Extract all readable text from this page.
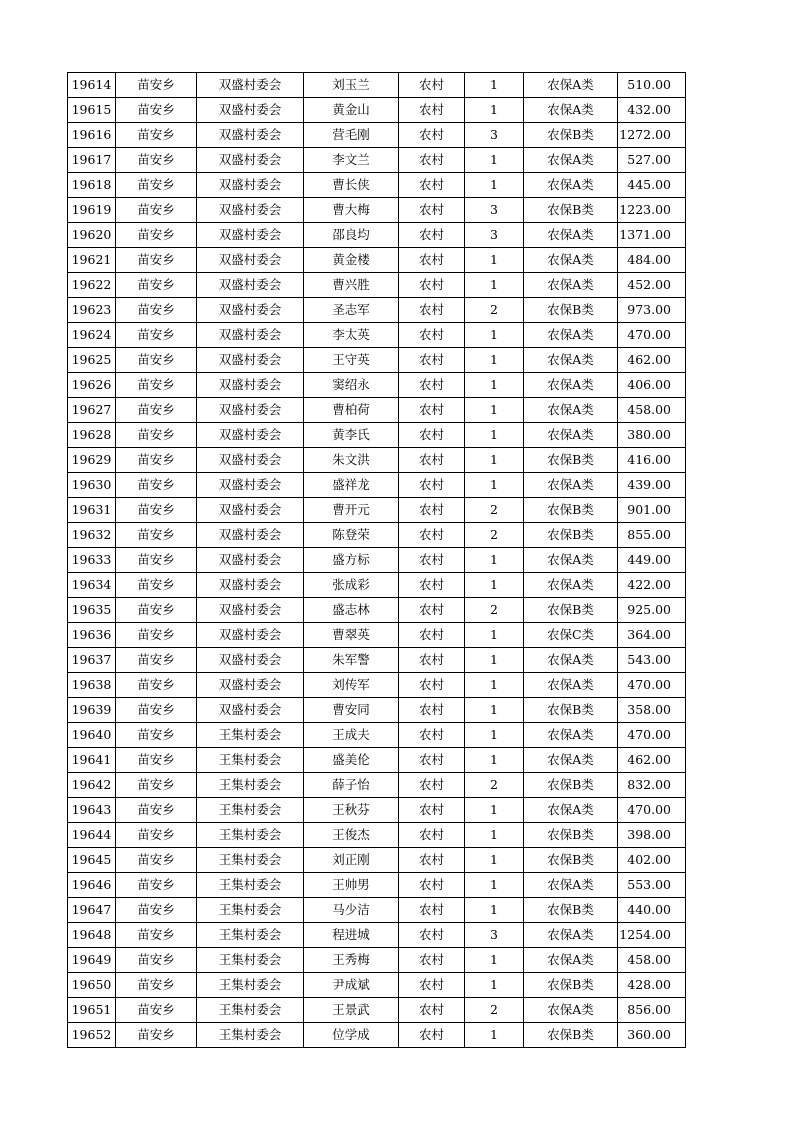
19614	苗安乡	双盛村委会	刘玉兰	农村	1	农保A类	510.00
19615	苗安乡	双盛村委会	黄金山	农村	1	农保A类	432.00
19616	苗安乡	双盛村委会	营毛刚	农村	3	农保B类	1272.00
19617	苗安乡	双盛村委会	李文兰	农村	1	农保A类	527.00
19618	苗安乡	双盛村委会	曹长侠	农村	1	农保A类	445.00
19619	苗安乡	双盛村委会	曹大梅	农村	3	农保B类	1223.00
19620	苗安乡	双盛村委会	邵良均	农村	3	农保A类	1371.00
19621	苗安乡	双盛村委会	黄金楼	农村	1	农保A类	484.00
19622	苗安乡	双盛村委会	曹兴胜	农村	1	农保A类	452.00
19623	苗安乡	双盛村委会	圣志军	农村	2	农保B类	973.00
19624	苗安乡	双盛村委会	李太英	农村	1	农保A类	470.00
19625	苗安乡	双盛村委会	王守英	农村	1	农保A类	462.00
19626	苗安乡	双盛村委会	窦绍永	农村	1	农保A类	406.00
19627	苗安乡	双盛村委会	曹柏荷	农村	1	农保A类	458.00
19628	苗安乡	双盛村委会	黄李氏	农村	1	农保A类	380.00
19629	苗安乡	双盛村委会	朱文洪	农村	1	农保B类	416.00
19630	苗安乡	双盛村委会	盛祥龙	农村	1	农保A类	439.00
19631	苗安乡	双盛村委会	曹开元	农村	2	农保B类	901.00
19632	苗安乡	双盛村委会	陈登荣	农村	2	农保B类	855.00
19633	苗安乡	双盛村委会	盛方标	农村	1	农保A类	449.00
19634	苗安乡	双盛村委会	张成彩	农村	1	农保A类	422.00
19635	苗安乡	双盛村委会	盛志林	农村	2	农保B类	925.00
19636	苗安乡	双盛村委会	曹翠英	农村	1	农保C类	364.00
19637	苗安乡	双盛村委会	朱军警	农村	1	农保A类	543.00
19638	苗安乡	双盛村委会	刘传军	农村	1	农保A类	470.00
19639	苗安乡	双盛村委会	曹安同	农村	1	农保B类	358.00
19640	苗安乡	王集村委会	王成夫	农村	1	农保A类	470.00
19641	苗安乡	王集村委会	盛美伦	农村	1	农保A类	462.00
19642	苗安乡	王集村委会	薛子怡	农村	2	农保B类	832.00
19643	苗安乡	王集村委会	王秋芬	农村	1	农保A类	470.00
19644	苗安乡	王集村委会	王俊杰	农村	1	农保B类	398.00
19645	苗安乡	王集村委会	刘正刚	农村	1	农保B类	402.00
19646	苗安乡	王集村委会	王帅男	农村	1	农保A类	553.00
19647	苗安乡	王集村委会	马少洁	农村	1	农保B类	440.00
19648	苗安乡	王集村委会	程进城	农村	3	农保A类	1254.00
19649	苗安乡	王集村委会	王秀梅	农村	1	农保A类	458.00
19650	苗安乡	王集村委会	尹成斌	农村	1	农保B类	428.00
19651	苗安乡	王集村委会	王景武	农村	2	农保A类	856.00
19652	苗安乡	王集村委会	位学成	农村	1	农保B类	360.00
